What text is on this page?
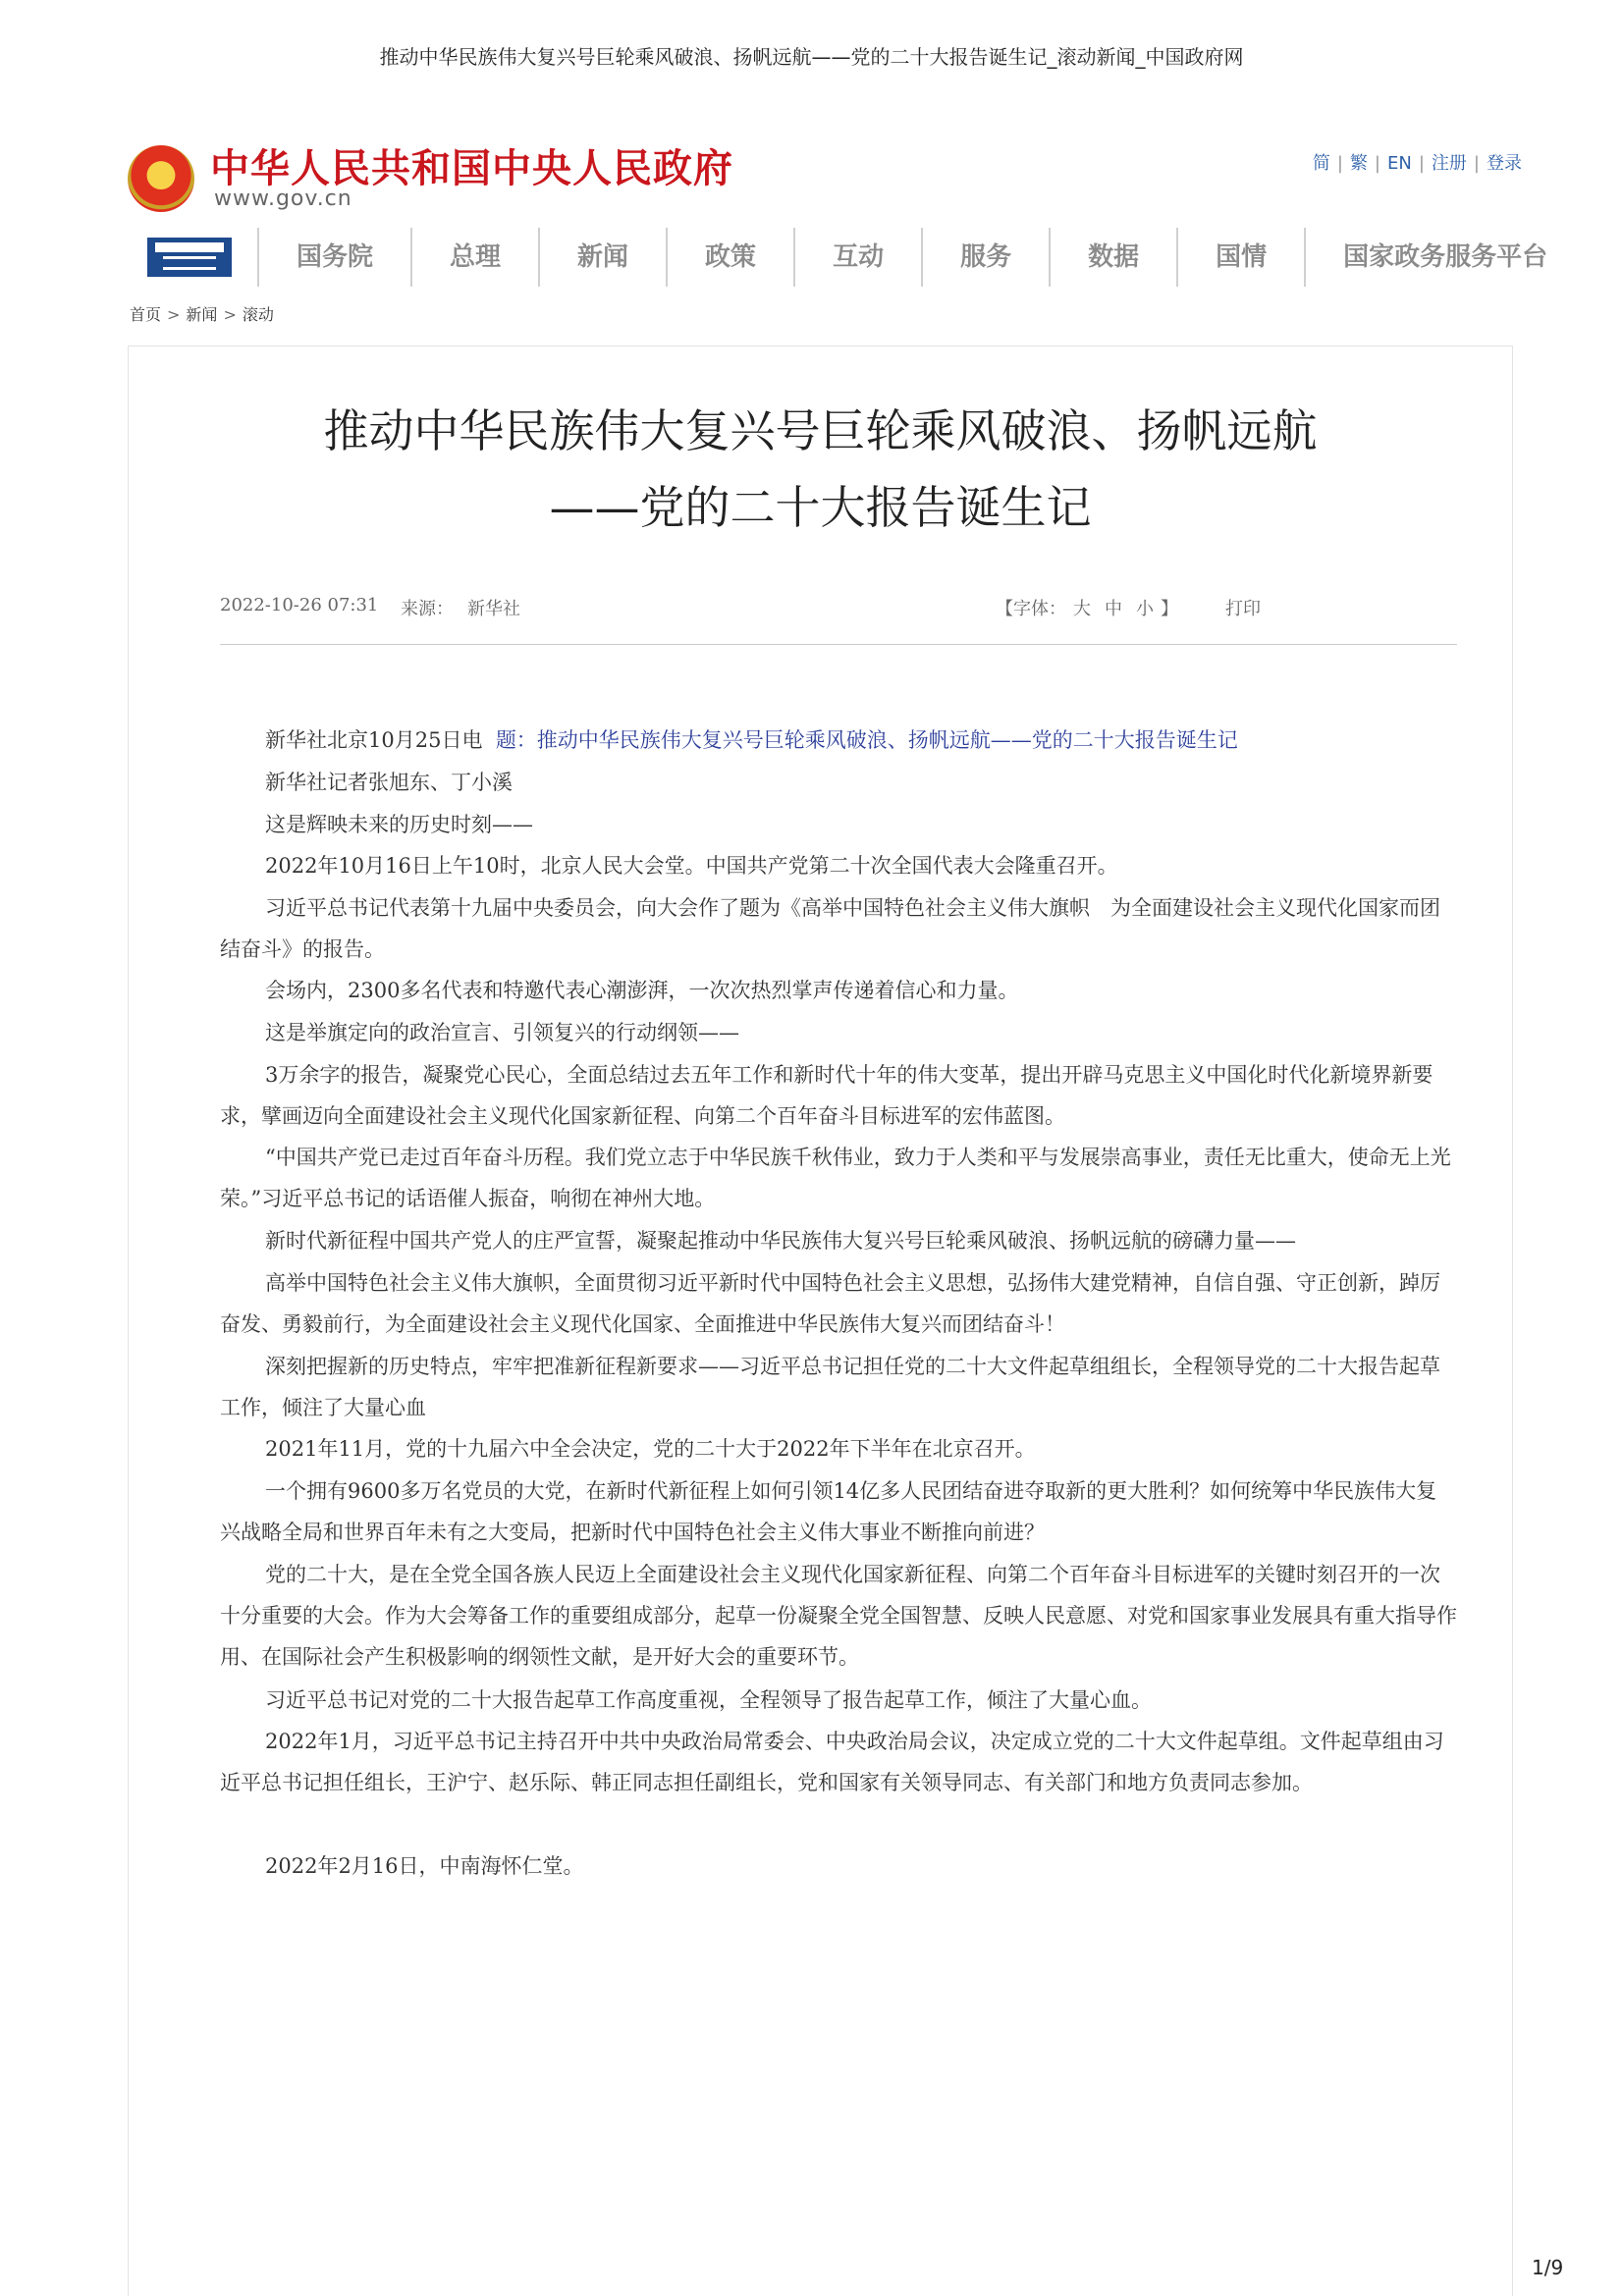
推动中华民族伟大复兴号巨轮乘风破浪、扬帆远航——党的二十大报告诞生记_滚动新闻_中国政府网
★
中华人民共和国中央人民政府
www.gov.cn
简 | 繁 | EN | 注册 | 登录
国务院	总理	新闻	政策	互动	服务	数据	国情	国家政务服务平台
首页 > 新闻 > 滚动
推动中华民族伟大复兴号巨轮乘风破浪、扬帆远航
——党的二十大报告诞生记
2022-10-26 07:31 来源： 新华社	【字体： 大 中 小 】	打印

新华社北京10月25日电 题：推动中华民族伟大复兴号巨轮乘风破浪、扬帆远航——党的二十大报告诞生记

新华社记者张旭东、丁小溪

这是辉映未来的历史时刻——

2022年10月16日上午10时，北京人民大会堂。中国共产党第二十次全国代表大会隆重召开。

习近平总书记代表第十九届中央委员会，向大会作了题为《高举中国特色社会主义伟大旗帜　为全面建设社会主义现代化国家而团结奋斗》的报告。

会场内，2300多名代表和特邀代表心潮澎湃，一次次热烈掌声传递着信心和力量。

这是举旗定向的政治宣言、引领复兴的行动纲领——

3万余字的报告，凝聚党心民心，全面总结过去五年工作和新时代十年的伟大变革，提出开辟马克思主义中国化时代化新境界新要求，擘画迈向全面建设社会主义现代化国家新征程、向第二个百年奋斗目标进军的宏伟蓝图。

“中国共产党已走过百年奋斗历程。我们党立志于中华民族千秋伟业，致力于人类和平与发展崇高事业，责任无比重大，使命无上光荣。”习近平总书记的话语催人振奋，响彻在神州大地。

新时代新征程中国共产党人的庄严宣誓，凝聚起推动中华民族伟大复兴号巨轮乘风破浪、扬帆远航的磅礴力量——

高举中国特色社会主义伟大旗帜，全面贯彻习近平新时代中国特色社会主义思想，弘扬伟大建党精神，自信自强、守正创新，踔厉奋发、勇毅前行，为全面建设社会主义现代化国家、全面推进中华民族伟大复兴而团结奋斗！

深刻把握新的历史特点，牢牢把准新征程新要求——习近平总书记担任党的二十大文件起草组组长，全程领导党的二十大报告起草工作，倾注了大量心血

2021年11月，党的十九届六中全会决定，党的二十大于2022年下半年在北京召开。

一个拥有9600多万名党员的大党，在新时代新征程上如何引领14亿多人民团结奋进夺取新的更大胜利？如何统筹中华民族伟大复兴战略全局和世界百年未有之大变局，把新时代中国特色社会主义伟大事业不断推向前进？

党的二十大，是在全党全国各族人民迈上全面建设社会主义现代化国家新征程、向第二个百年奋斗目标进军的关键时刻召开的一次十分重要的大会。作为大会筹备工作的重要组成部分，起草一份凝聚全党全国智慧、反映人民意愿、对党和国家事业发展具有重大指导作用、在国际社会产生积极影响的纲领性文献，是开好大会的重要环节。

习近平总书记对党的二十大报告起草工作高度重视，全程领导了报告起草工作，倾注了大量心血。

2022年1月，习近平总书记主持召开中共中央政治局常委会、中央政治局会议，决定成立党的二十大文件起草组。文件起草组由习近平总书记担任组长，王沪宁、赵乐际、韩正同志担任副组长，党和国家有关领导同志、有关部门和地方负责同志参加。

2022年2月16日，中南海怀仁堂。

1/9
